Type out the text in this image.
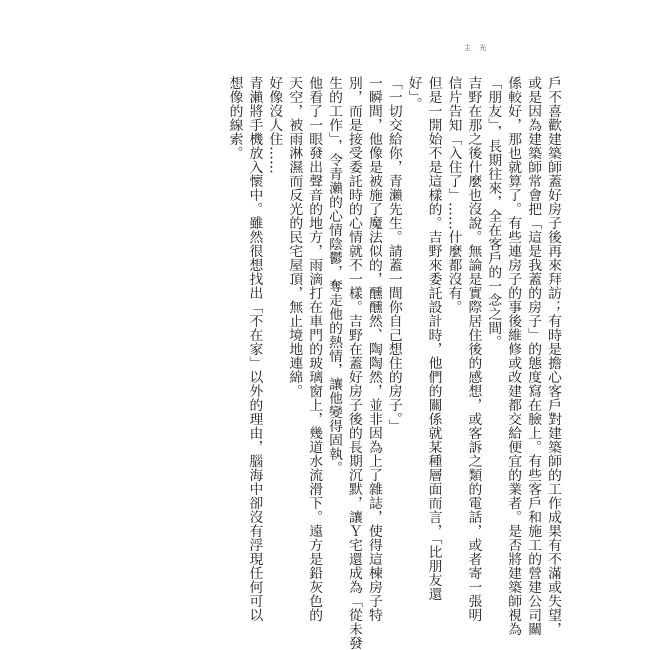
主 光
戶不喜歡建築師蓋好房子後再來拜訪；有時是擔心客戶對建築師的工作成果有不滿或失望，
或是因為建築師常會把「這是我蓋的房子」的態度寫在臉上。有些客戶和施工的營建公司關
係較好，那也就算了。有些連房子的事後維修或改建都交給便宜的業者。是否將建築師視為
「朋友」，長期往來，全在客戶的一念之間。
吉野在那之後什麼也沒說。無論是實際居住後的感想，或客訴之類的電話，或者寄一張明
信片告知「入住了」……什麼都沒有。
但是一開始不是這樣的。吉野來委託設計時，他們的關係就某種層面而言，「比朋友還
好」。
「一切交給你，青瀨先生。請蓋一間你自己想住的房子。」
一瞬間，他像是被施了魔法似的，醺醺然、陶陶然，並非因為上了雜誌，使得這棟房子特
別，而是接受委託時的心情就不一樣。吉野在蓋好房子後的長期沉默，讓Ｙ宅還成為「從未發
生的工作」，令青瀨的心情陰鬱，奪走他的熱情，讓他變得固執。
他看了一眼發出聲音的地方，雨滴打在車門的玻璃窗上，幾道水流滑下。遠方是鉛灰色的
天空，被雨淋濕而反光的民宅屋頂，無止境地連綿。
好像沒人住……
青瀨將手機放入懷中。雖然很想找出「不在家」以外的理由，腦海中卻沒有浮現任何可以
想像的線索。
